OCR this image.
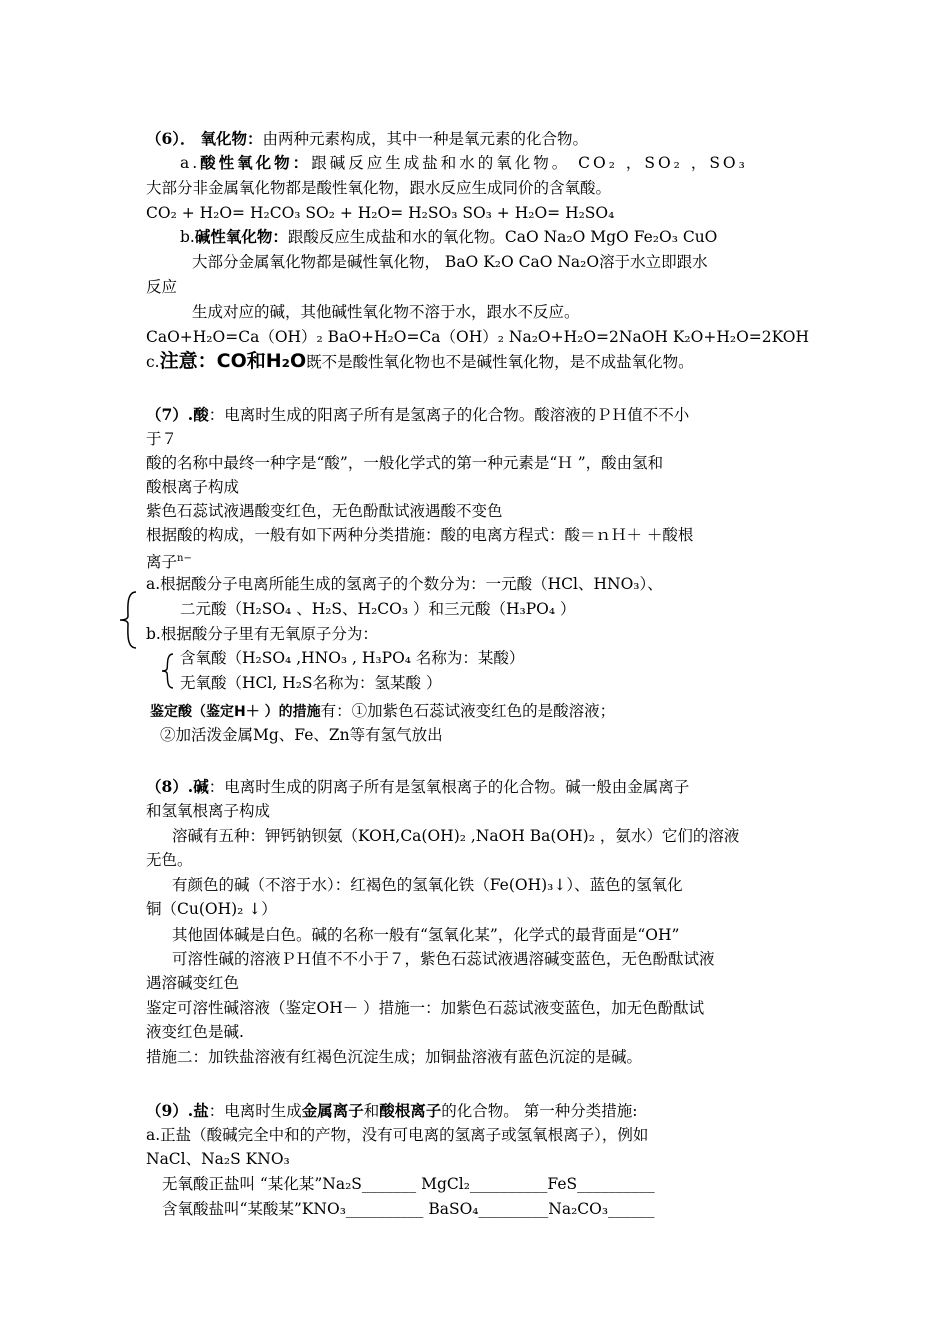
（6）． 氧化物：由两种元素构成，其中一种是氧元素的化合物。
a.酸性氧化物：跟碱反应生成盐和水的氧化物。 CO₂ ，SO₂ ，SO₃
大部分非金属氧化物都是酸性氧化物，跟水反应生成同价的含氧酸。
CO₂ + H₂O= H₂CO₃ SO₂ + H₂O= H₂SO₃ SO₃ + H₂O= H₂SO₄
b.碱性氧化物：跟酸反应生成盐和水的氧化物。CaO Na₂O MgO Fe₂O₃ CuO
大部分金属氧化物都是碱性氧化物， BaO K₂O CaO Na₂O溶于水立即跟水
反应
生成对应的碱，其他碱性氧化物不溶于水，跟水不反应。
CaO+H₂O=Ca（OH）₂ BaO+H₂O=Ca（OH）₂ Na₂O+H₂O=2NaOH K₂O+H₂O=2KOH
c.注意：CO和H₂O既不是酸性氧化物也不是碱性氧化物，是不成盐氧化物。
（7）.酸：电离时生成的阳离子所有是氢离子的化合物。酸溶液的ＰＨ值不不小
于７
酸的名称中最终一种字是“酸”，一般化学式的第一种元素是“Ｈ ”，酸由氢和
酸根离子构成
紫色石蕊试液遇酸变红色，无色酚酞试液遇酸不变色
根据酸的构成，一般有如下两种分类措施：酸的电离方程式：酸＝ｎＨ＋ ＋酸根
离子$^{n-}$
a.根据酸分子电离所能生成的氢离子的个数分为：一元酸（HCl、HNO₃）、
二元酸（H₂SO₄ 、H₂S、H₂CO₃ ）和三元酸（H₃PO₄ ）
b.根据酸分子里有无氧原子分为：
含氧酸（H₂SO₄ ,HNO₃ , H₃PO₄ 名称为：某酸）
无氧酸（HCl, H₂S名称为：氢某酸 ）
鉴定酸（鉴定H＋ ）的措施有：①加紫色石蕊试液变红色的是酸溶液；
②加活泼金属Mg、Fe、Zn等有氢气放出
（8）.碱：电离时生成的阴离子所有是氢氧根离子的化合物。碱一般由金属离子
和氢氧根离子构成
溶碱有五种：钾钙钠钡氨（KOH,Ca(OH)₂ ,NaOH Ba(OH)₂ ，氨水）它们的溶液
无色。
有颜色的碱（不溶于水）：红褐色的氢氧化铁（Fe(OH)₃↓）、蓝色的氢氧化
铜（Cu(OH)₂ ↓）
其他固体碱是白色。碱的名称一般有“氢氧化某”，化学式的最背面是“OH”
可溶性碱的溶液ＰＨ值不不小于７，紫色石蕊试液遇溶碱变蓝色，无色酚酞试液
遇溶碱变红色
鉴定可溶性碱溶液（鉴定OH－ ）措施一：加紫色石蕊试液变蓝色，加无色酚酞试
液变红色是碱.
措施二：加铁盐溶液有红褐色沉淀生成；加铜盐溶液有蓝色沉淀的是碱。
（9）.盐：电离时生成金属离子和酸根离子的化合物。 第一种分类措施:
a.正盐（酸碱完全中和的产物，没有可电离的氢离子或氢氧根离子），例如
NaCl、Na₂S KNO₃
无氧酸正盐叫 “某化某”Na₂S_______ MgCl₂__________FeS__________
含氧酸盐叫“某酸某”KNO₃__________ BaSO₄_________Na₂CO₃______
